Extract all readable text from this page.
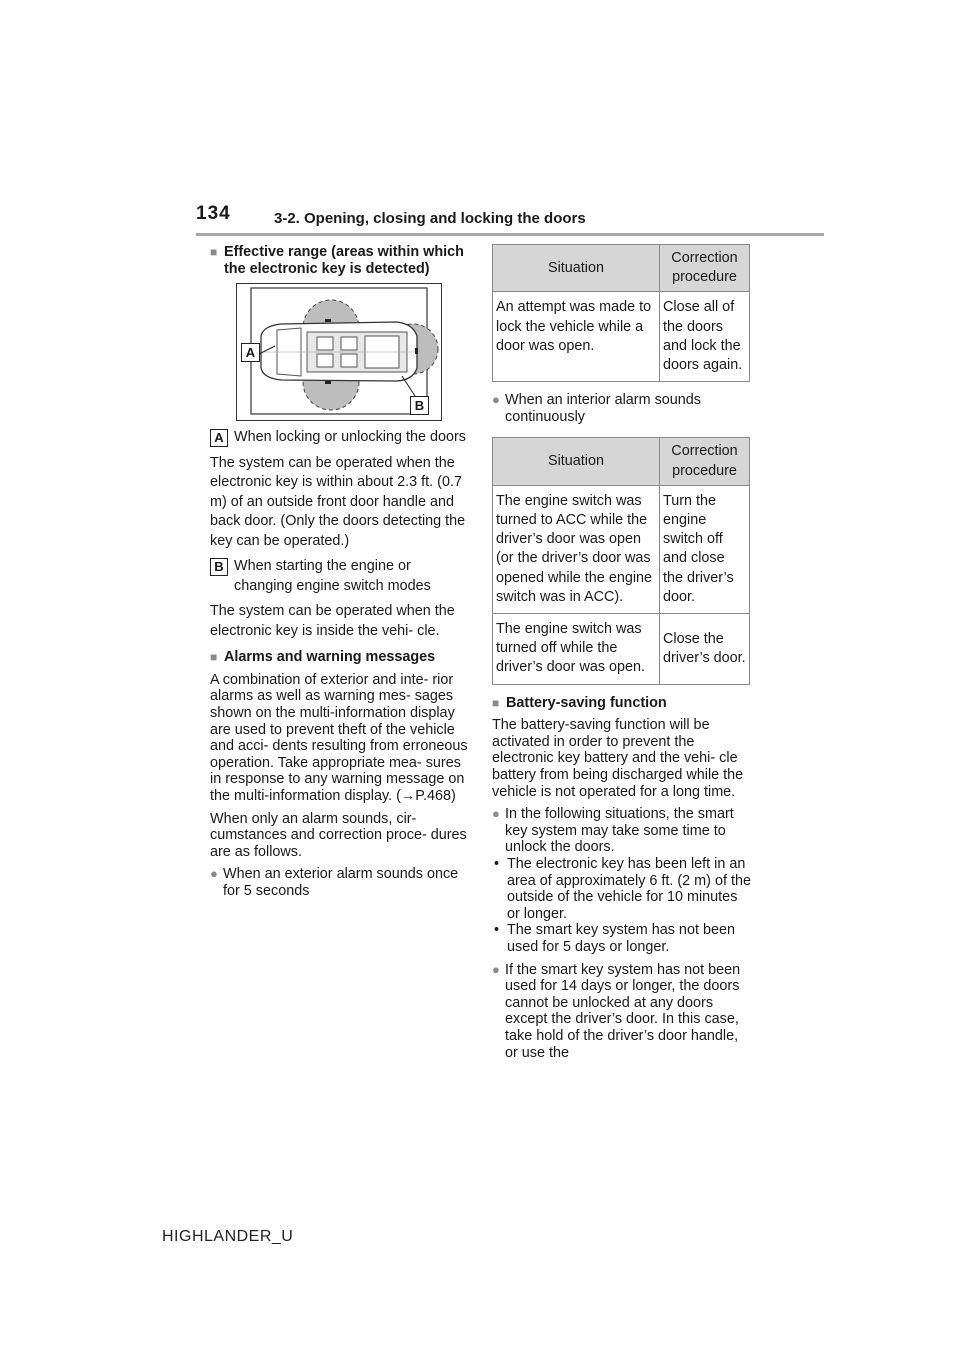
134	3-2. Opening, closing and locking the doors
■ Effective range (areas within which the electronic key is detected)
A
B
A When locking or unlocking the doors
The system can be operated when the electronic key is within about 2.3 ft. (0.7 m) of an outside front door handle and back door. (Only the doors detecting the key can be operated.)
B When starting the engine or changing engine switch modes
The system can be operated when the electronic key is inside the vehi- cle.
■ Alarms and warning messages
A combination of exterior and inte- rior alarms as well as warning mes- sages shown on the multi-information display are used to prevent theft of the vehicle and acci- dents resulting from erroneous operation. Take appropriate mea- sures in response to any warning message on the multi-information display. (→P.468)
When only an alarm sounds, cir- cumstances and correction proce- dures are as follows.
● When an exterior alarm sounds once for 5 seconds
Situation	Correction procedure
An attempt was made to lock the vehicle while a door was open.	Close all of the doors and lock the doors again.
● When an interior alarm sounds continuously
Situation	Correction procedure
The engine switch was turned to ACC while the driver’s door was open (or the driver’s door was opened while the engine switch was in ACC).	Turn the engine switch off and close the driver’s door.
The engine switch was turned off while the driver’s door was open.	Close the driver’s door.
■ Battery-saving function
The battery-saving function will be activated in order to prevent the electronic key battery and the vehi- cle battery from being discharged while the vehicle is not operated for a long time.
● In the following situations, the smart key system may take some time to unlock the doors.
• The electronic key has been left in an area of approximately 6 ft. (2 m) of the outside of the vehicle for 10 minutes or longer.
• The smart key system has not been used for 5 days or longer.
● If the smart key system has not been used for 14 days or longer, the doors cannot be unlocked at any doors except the driver’s door. In this case, take hold of the driver’s door handle, or use the
HIGHLANDER_U
